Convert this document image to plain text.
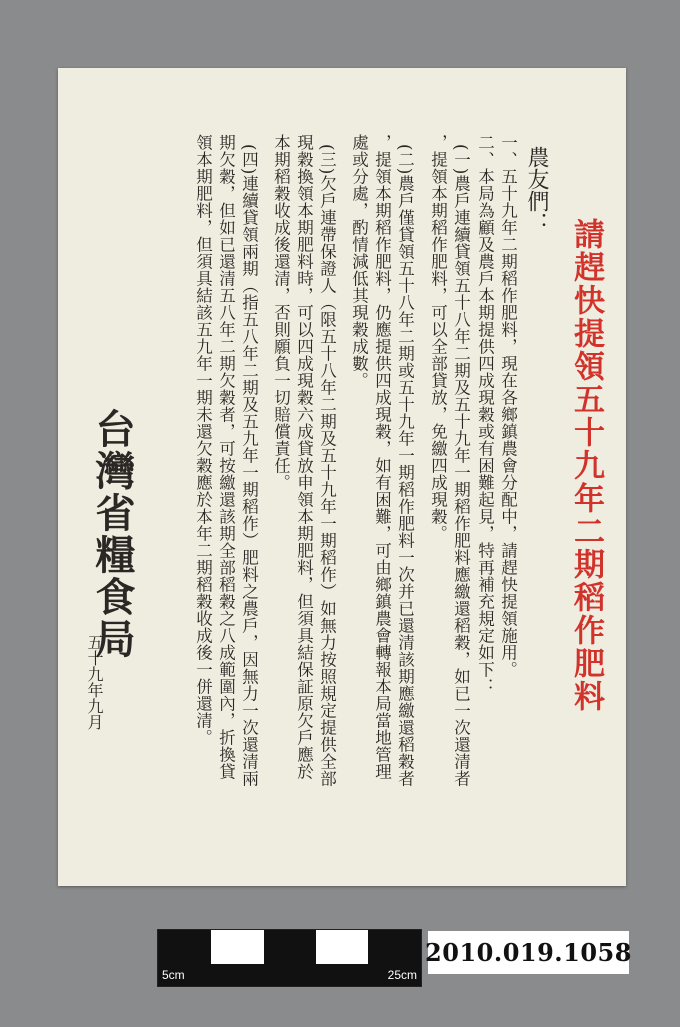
請趕快提領五十九年二期稻作肥料
農友們：
一、五十九年二期稻作肥料，現在各鄉鎮農會分配中，請趕快提領施用。
二、本局為顧及農戶本期提供四成現穀或有困難起見，特再補充規定如下：
(一)農戶連續貸領五十八年二期及五十九年一期稻作肥料應繳還稻穀，如已一次還清者
，提領本期稻作肥料，可以全部貸放，免繳四成現穀。
(二)農戶僅貸領五十八年二期或五十九年一期稻作肥料一次并已還清該期應繳還稻穀者
，提領本期稻作肥料，仍應提供四成現穀，如有困難，可由鄉鎮農會轉報本局當地管理
處或分處，酌情減低其現穀成數。
(三)欠戶連帶保證人（限五十八年二期及五十九年一期稻作）如無力按照規定提供全部
現穀換領本期肥料時，可以四成現穀六成貸放申領本期肥料，但須具結保証原欠戶應於
本期稻穀收成後還清，否則願負一切賠償責任。
(四)連續貸領兩期（指五八年二期及五九年一期稻作）肥料之農戶，因無力一次還清兩
期欠穀，但如已還清五八年二期欠穀者，可按繳還該期全部稻穀之八成範圍內，折換貸
領本期肥料，但須具結該五九年一期未還欠穀應於本年二期稻穀收成後一併還清。
台灣省糧食局
五十九年九月
5cm	25cm
2010.019.1058
